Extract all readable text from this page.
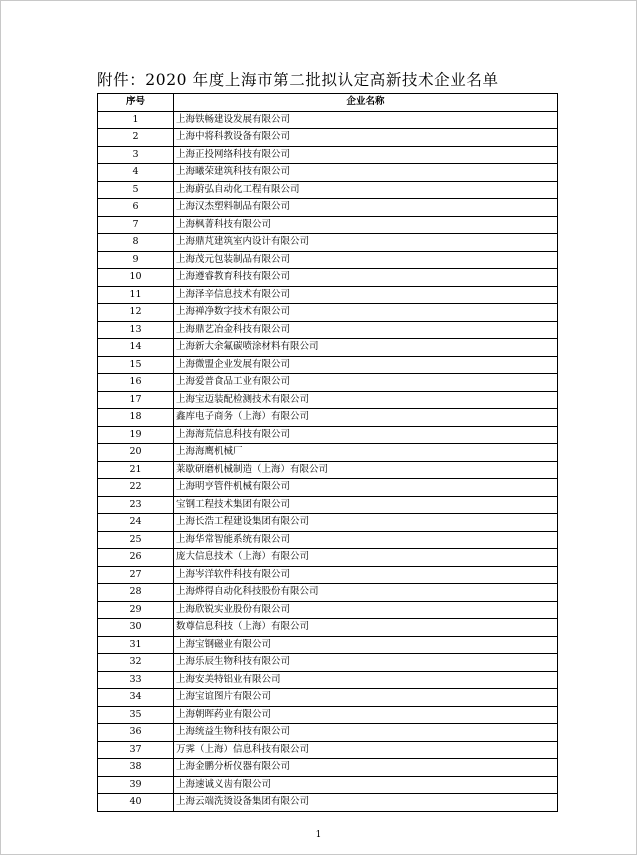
附件：2020 年度上海市第二批拟认定高新技术企业名单
序号	企业名称
1	上海铁畅建设发展有限公司
2	上海中将科教设备有限公司
3	上海正投网络科技有限公司
4	上海曦荣建筑科技有限公司
5	上海蔚弘自动化工程有限公司
6	上海汉杰塑料制品有限公司
7	上海枫菁科技有限公司
8	上海鼎芃建筑室内设计有限公司
9	上海茂元包装制品有限公司
10	上海遵睿教育科技有限公司
11	上海泽辛信息技术有限公司
12	上海禅净数字技术有限公司
13	上海鼎艺冶金科技有限公司
14	上海新大余氟碳喷涂材料有限公司
15	上海微盟企业发展有限公司
16	上海爱普食品工业有限公司
17	上海宝迈装配检测技术有限公司
18	鑫库电子商务（上海）有限公司
19	上海海荒信息科技有限公司
20	上海海鹰机械厂
21	莱歇研磨机械制造（上海）有限公司
22	上海明亨管件机械有限公司
23	宝钢工程技术集团有限公司
24	上海长浩工程建设集团有限公司
25	上海华常智能系统有限公司
26	庞大信息技术（上海）有限公司
27	上海岑洋软件科技有限公司
28	上海烨得自动化科技股份有限公司
29	上海欣锐实业股份有限公司
30	数尊信息科技（上海）有限公司
31	上海宝钢磁业有限公司
32	上海乐辰生物科技有限公司
33	上海安美特铝业有限公司
34	上海宝谊图片有限公司
35	上海朝晖药业有限公司
36	上海统益生物科技有限公司
37	万霁（上海）信息科技有限公司
38	上海金鹏分析仪器有限公司
39	上海速诚义齿有限公司
40	上海云端洗烫设备集团有限公司
1
